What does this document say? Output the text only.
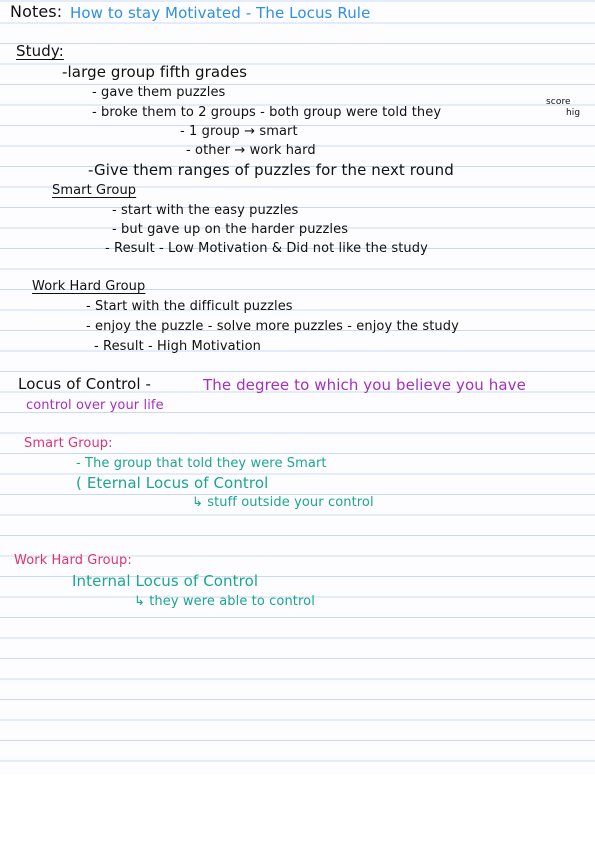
Notes: How to stay Motivated - The Locus Rule
Study:
-large group fifth grades
- gave them puzzles
- broke them to 2 groups - both group were told they
score
hig
- 1 group → smart
- other → work hard
-Give them ranges of puzzles for the next round
Smart Group
- start with the easy puzzles
- but gave up on the harder puzzles
- Result - Low Motivation & Did not like the study
Work Hard Group
- Start with the difficult puzzles
- enjoy the puzzle - solve more puzzles - enjoy the study
- Result - High Motivation
Locus of Control -	The degree to which you believe you have
control over your life
Smart Group:
- The group that told they were Smart
( Eternal Locus of Control
↳ stuff outside your control
Work Hard Group:
Internal Locus of Control
↳ they were able to control
